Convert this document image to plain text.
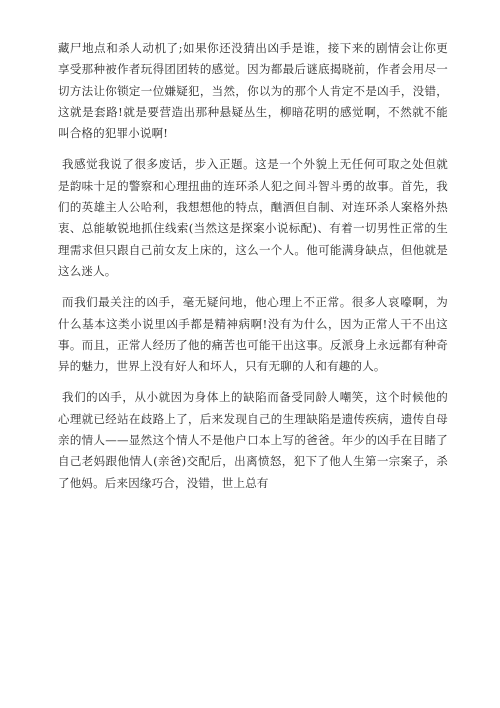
藏尸地点和杀人动机了;如果你还没猜出凶手是谁，接下来的剧情会让你更享受那种被作者玩得团团转的感觉。因为都最后谜底揭晓前，作者会用尽一切方法让你锁定一位嫌疑犯，当然，你以为的那个人肯定不是凶手，没错，这就是套路!就是要营造出那种悬疑丛生，柳暗花明的感觉啊，不然就不能叫合格的犯罪小说啊!

我感觉我说了很多废话，步入正题。这是一个外貌上无任何可取之处但就是韵味十足的警察和心理扭曲的连环杀人犯之间斗智斗勇的故事。首先，我们的英雄主人公哈利，我想想他的特点，酗酒但自制、对连环杀人案格外热衷、总能敏锐地抓住线索(当然这是探案小说标配)、有着一切男性正常的生理需求但只跟自己前女友上床的，这么一个人。他可能满身缺点，但他就是这么迷人。

而我们最关注的凶手，毫无疑问地，他心理上不正常。很多人哀嚎啊，为什么基本这类小说里凶手都是精神病啊!没有为什么，因为正常人干不出这事。而且，正常人经历了他的痛苦也可能干出这事。反派身上永远都有种奇异的魅力，世界上没有好人和坏人，只有无聊的人和有趣的人。

我们的凶手，从小就因为身体上的缺陷而备受同龄人嘲笑，这个时候他的心理就已经站在歧路上了，后来发现自己的生理缺陷是遗传疾病，遗传自母亲的情人——显然这个情人不是他户口本上写的爸爸。年少的凶手在目睹了自己老妈跟他情人(亲爸)交配后，出离愤怒，犯下了他人生第一宗案子，杀了他妈。后来因缘巧合，没错，世上总有
